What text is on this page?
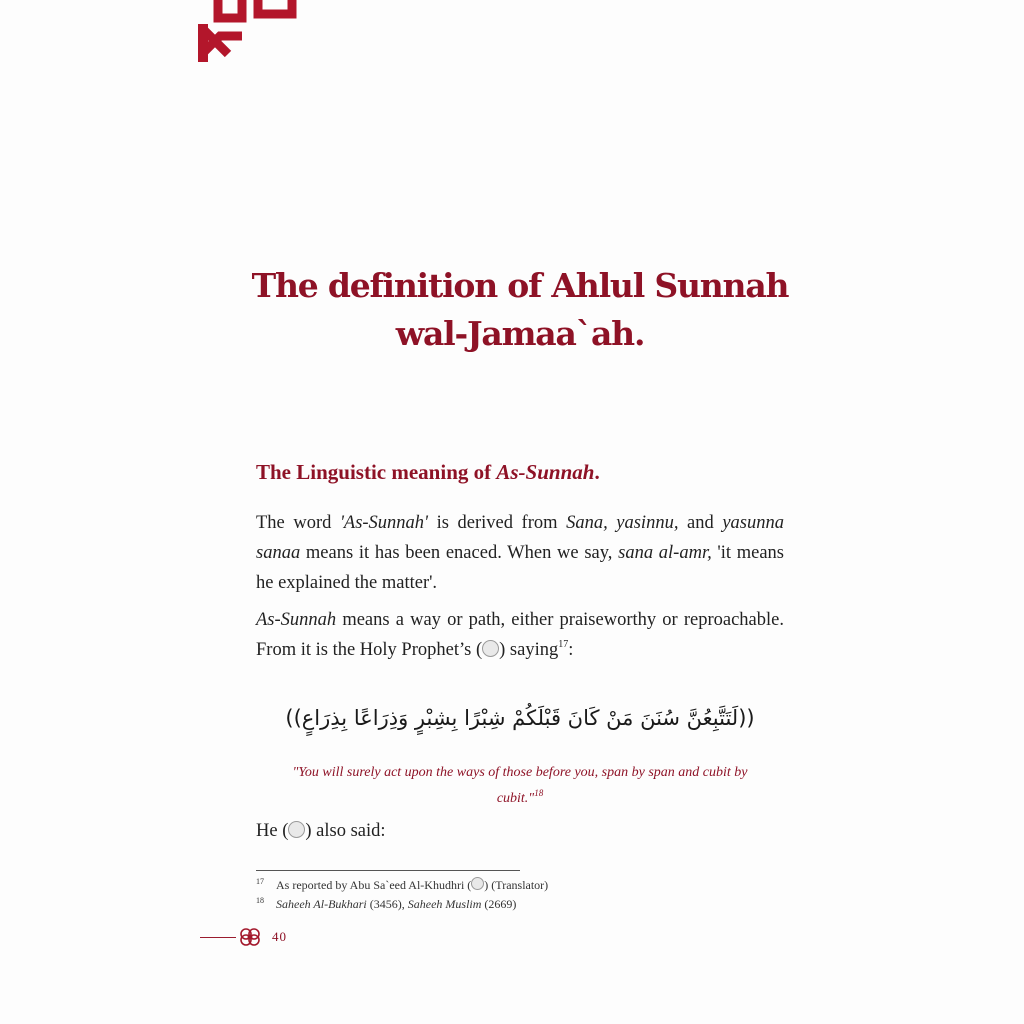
The definition of Ahlul Sunnah
wal-Jamaa`ah.
The Linguistic meaning of As-Sunnah.

The word 'As-Sunnah' is derived from Sana, yasinnu, and yasunna sanaa means it has been enaced. When we say, sana al-amr, 'it means he explained the matter'.

As-Sunnah means a way or path, either praiseworthy or reproachable. From it is the Holy Prophet’s ( ) saying$^{17}$:

((لَتَتَّبِعُنَّ سُنَنَ مَنْ كَانَ قَبْلَكُمْ شِبْرًا بِشِبْرٍ وَذِرَاعًا بِذِرَاعٍ))

"You will surely act upon the ways of those before you, span by span and cubit by cubit."$^{18}$

He ( ) also said:

17	As reported by Abu Sa`eed Al-Khudhri ( ) (Translator)
18	Saheeh Al-Bukhari (3456), Saheeh Muslim (2669)
40
